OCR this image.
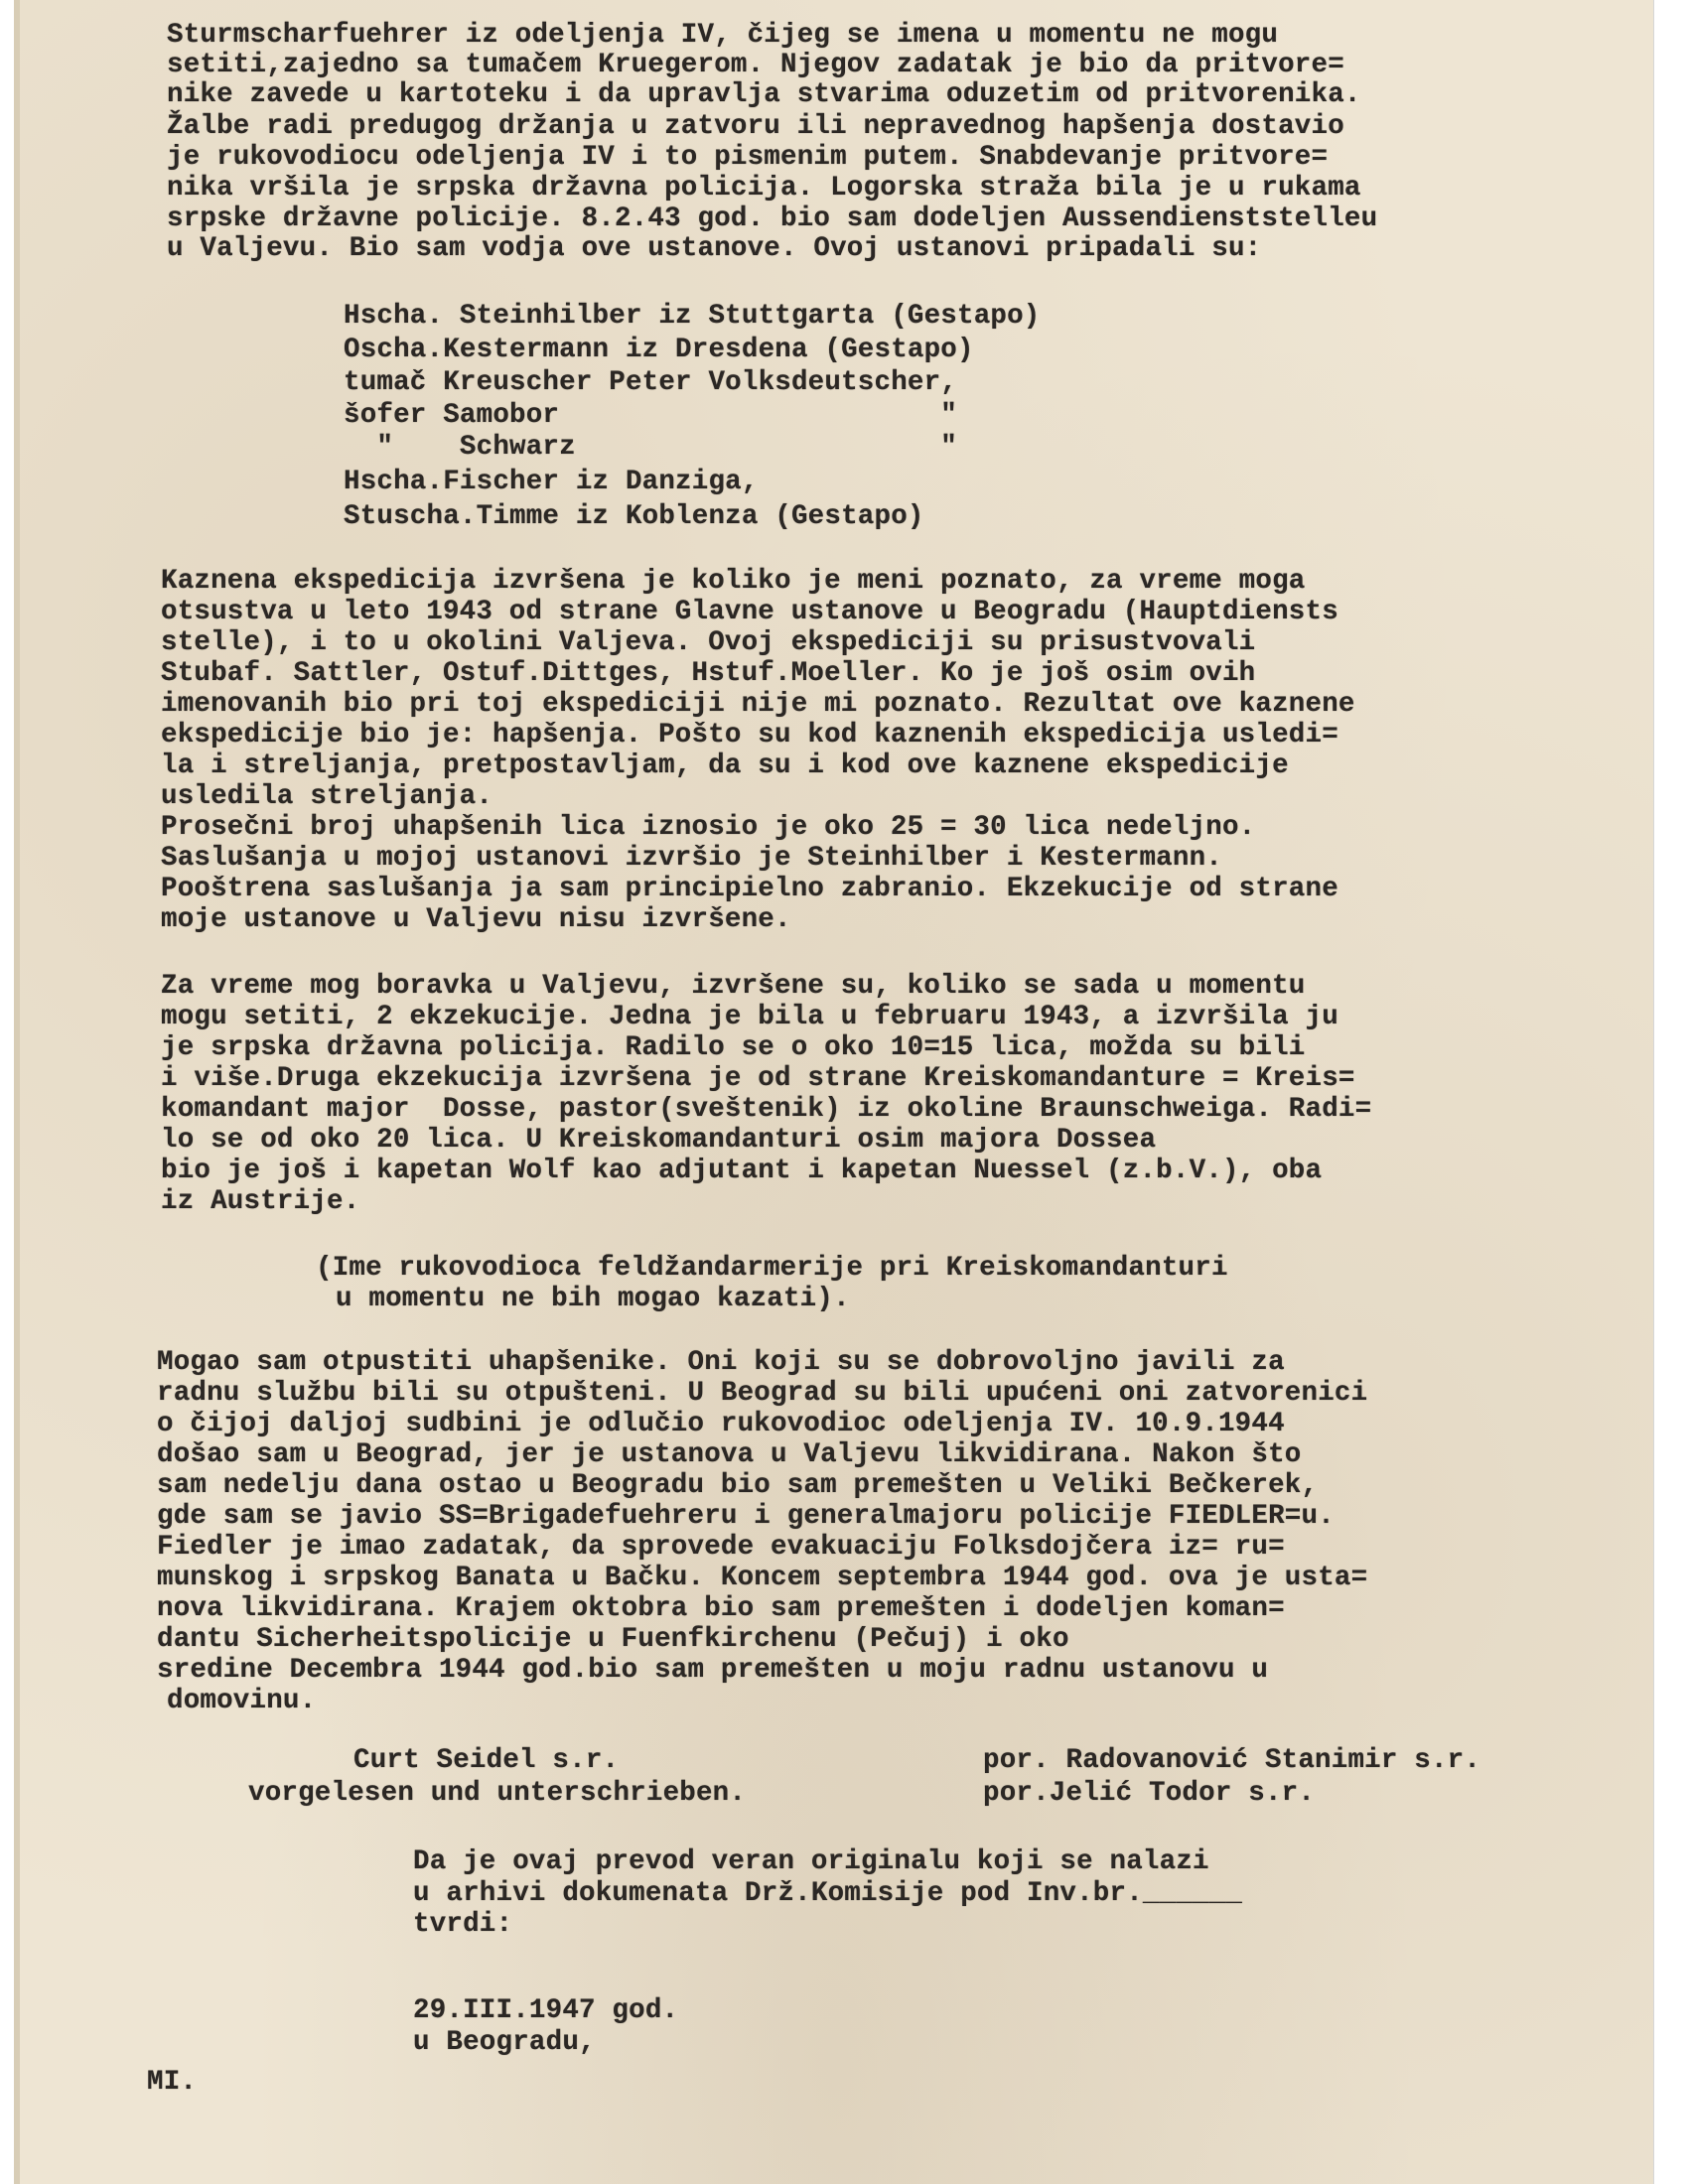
Sturmscharfuehrer iz odeljenja IV, čijeg se imena u momentu ne mogu

setiti,zajedno sa tumačem Kruegerom. Njegov zadatak je bio da pritvore=

nike zavede u kartoteku i da upravlja stvarima oduzetim od pritvorenika.

Žalbe radi predugog držanja u zatvoru ili nepravednog hapšenja dostavio

je rukovodiocu odeljenja IV i to pismenim putem. Snabdevanje pritvore=

nika vršila je srpska državna policija. Logorska straža bila je u rukama

srpske državne policije. 8.2.43 god. bio sam dodeljen Aussendienststelleu

u Valjevu. Bio sam vodja ove ustanove. Ovoj ustanovi pripadali su:

Hscha. Steinhilber iz Stuttgarta (Gestapo)

Oscha.Kestermann iz Dresdena (Gestapo)

tumač Kreuscher Peter Volksdeutscher,

šofer Samobor                       "

"    Schwarz                      "

Hscha.Fischer iz Danziga,

Stuscha.Timme iz Koblenza (Gestapo)

Kaznena ekspedicija izvršena je koliko je meni poznato, za vreme moga

otsustva u leto 1943 od strane Glavne ustanove u Beogradu (Hauptdiensts

stelle), i to u okolini Valjeva. Ovoj ekspediciji su prisustvovali

Stubaf. Sattler, Ostuf.Dittges, Hstuf.Moeller. Ko je još osim ovih

imenovanih bio pri toj ekspediciji nije mi poznato. Rezultat ove kaznene

ekspedicije bio je: hapšenja. Pošto su kod kaznenih ekspedicija usledi=

la i streljanja, pretpostavljam, da su i kod ove kaznene ekspedicije

usledila streljanja.

Prosečni broj uhapšenih lica iznosio je oko 25 = 30 lica nedeljno.

Saslušanja u mojoj ustanovi izvršio je Steinhilber i Kestermann.

Pooštrena saslušanja ja sam principielno zabranio. Ekzekucije od strane

moje ustanove u Valjevu nisu izvršene.

Za vreme mog boravka u Valjevu, izvršene su, koliko se sada u momentu

mogu setiti, 2 ekzekucije. Jedna je bila u februaru 1943, a izvršila ju

je srpska državna policija. Radilo se o oko 10=15 lica, možda su bili

i više.Druga ekzekucija izvršena je od strane Kreiskomandanture = Kreis=

komandant major  Dosse, pastor(sveštenik) iz okoline Braunschweiga. Radi=

lo se od oko 20 lica. U Kreiskomandanturi osim majora Dossea

bio je još i kapetan Wolf kao adjutant i kapetan Nuessel (z.b.V.), oba

iz Austrije.

(Ime rukovodioca feldžandarmerije pri Kreiskomandanturi

u momentu ne bih mogao kazati).

Mogao sam otpustiti uhapšenike. Oni koji su se dobrovoljno javili za

radnu službu bili su otpušteni. U Beograd su bili upućeni oni zatvorenici

o čijoj daljoj sudbini je odlučio rukovodioc odeljenja IV. 10.9.1944

došao sam u Beograd, jer je ustanova u Valjevu likvidirana. Nakon što

sam nedelju dana ostao u Beogradu bio sam premešten u Veliki Bečkerek,

gde sam se javio SS=Brigadefuehreru i generalmajoru policije FIEDLER=u.

Fiedler je imao zadatak, da sprovede evakuaciju Folksdojčera iz= ru=

munskog i srpskog Banata u Bačku. Koncem septembra 1944 god. ova je usta=

nova likvidirana. Krajem oktobra bio sam premešten i dodeljen koman=

dantu Sicherheitspolicije u Fuenfkirchenu (Pečuj) i oko

sredine Decembra 1944 god.bio sam premešten u moju radnu ustanovu u

domovinu.

Curt Seidel s.r.

vorgelesen und unterschrieben.

por. Radovanović Stanimir s.r.

por.Jelić Todor s.r.

Da je ovaj prevod veran originalu koji se nalazi

u arhivi dokumenata Drž.Komisije pod Inv.br.______

tvrdi:

29.III.1947 god.

u Beogradu,

MI.
